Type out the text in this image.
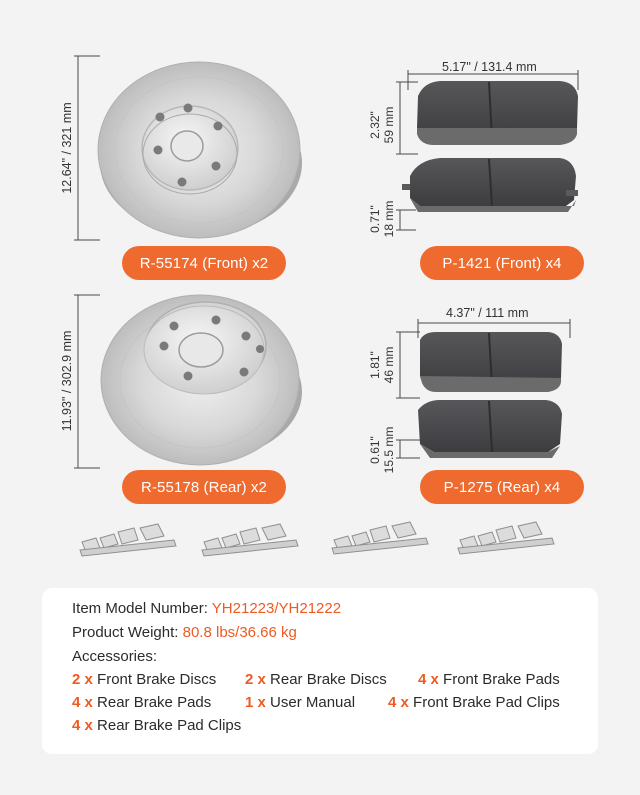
12.64" / 321 mm
11.93" / 302.9 mm
5.17" / 131.4 mm
2.32"
59 mm
0.71"
18 mm
4.37" / 111 mm
1.81"
46 mm
0.61"
15.5 mm
R-55174 (Front) x2	P-1421 (Front) x4
R-55178 (Rear) x2	P-1275 (Rear) x4
Item Model Number: YH21223/YH21222
Product Weight: 80.8 lbs/36.66 kg
Accessories:
2 x Front Brake Discs 2 x Rear Brake Discs 4 x Front Brake Pads
4 x Rear Brake Pads 1 x User Manual 4 x Front Brake Pad Clips
4 x Rear Brake Pad Clips
